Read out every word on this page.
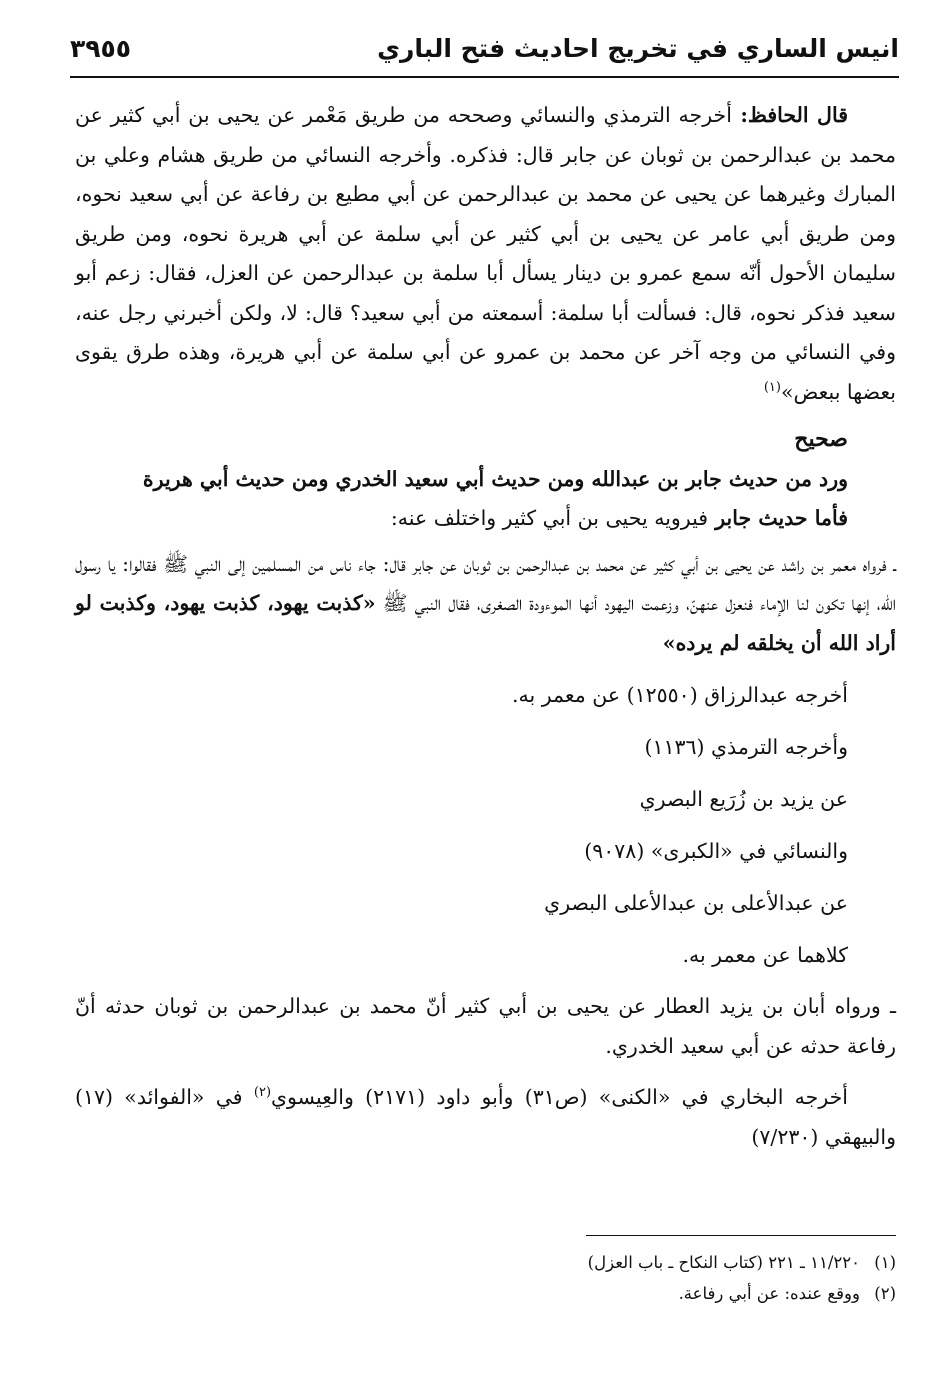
انيس الساري في تخريج احاديث فتح الباري
٣٩٥٥

قال الحافظ: أخرجه الترمذي والنسائي وصححه من طريق مَعْمر عن يحيى بن أبي كثير عن محمد بن عبدالرحمن بن ثوبان عن جابر قال: فذكره. وأخرجه النسائي من طريق هشام وعلي بن المبارك وغيرهما عن يحيى عن محمد بن عبدالرحمن عن أبي مطيع بن رفاعة عن أبي سعيد نحوه، ومن طريق أبي عامر عن يحيى بن أبي كثير عن أبي سلمة عن أبي هريرة نحوه، ومن طريق سليمان الأحول أنّه سمع عمرو بن دينار يسأل أبا سلمة بن عبدالرحمن عن العزل، فقال: زعم أبو سعيد فذكر نحوه، قال: فسألت أبا سلمة: أسمعته من أبي سعيد؟ قال: لا، ولكن أخبرني رجل عنه، وفي النسائي من وجه آخر عن محمد بن عمرو عن أبي سلمة عن أبي هريرة، وهذه طرق يقوى بعضها ببعض»$^{(١)}$

صحيح

ورد من حديث جابر بن عبدالله ومن حديث أبي سعيد الخدري ومن حديث أبي هريرة

فأما حديث جابر فيرويه يحيى بن أبي كثير واختلف عنه:

ـ فرواه معمر بن راشد عن يحيى بن أبي كثير عن محمد بن عبدالرحمن بن ثوبان عن جابر قال: جاء ناس من المسلمين إلى النبي ﷺ فقالوا: يا رسول الله، إنها تكون لنا الإماء فنعزل عنهنّ، وزعمت اليهود أنها الموءودة الصغرى، فقال النبي ﷺ «كذبت يهود، كذبت يهود، وكذبت لو أراد الله أن يخلقه لم يرده»

أخرجه عبدالرزاق (١٢٥٥٠) عن معمر به.

وأخرجه الترمذي (١١٣٦)

عن يزيد بن زُرَيع البصري

والنسائي في «الكبرى» (٩٠٧٨)

عن عبدالأعلى بن عبدالأعلى البصري

كلاهما عن معمر به.

ـ ورواه أبان بن يزيد العطار عن يحيى بن أبي كثير أنّ محمد بن عبدالرحمن بن ثوبان حدثه أنّ رفاعة حدثه عن أبي سعيد الخدري.

أخرجه البخاري في «الكنى» (ص٣١) وأبو داود (٢١٧١) والعِيسوي$^{(٢)}$ في «الفوائد» (١٧) والبيهقي (٧/٢٣٠)

(١)
١١/٢٢٠ ـ ٢٢١ (كتاب النكاح ـ باب العزل)
(٢)
ووقع عنده: عن أبي رفاعة.
